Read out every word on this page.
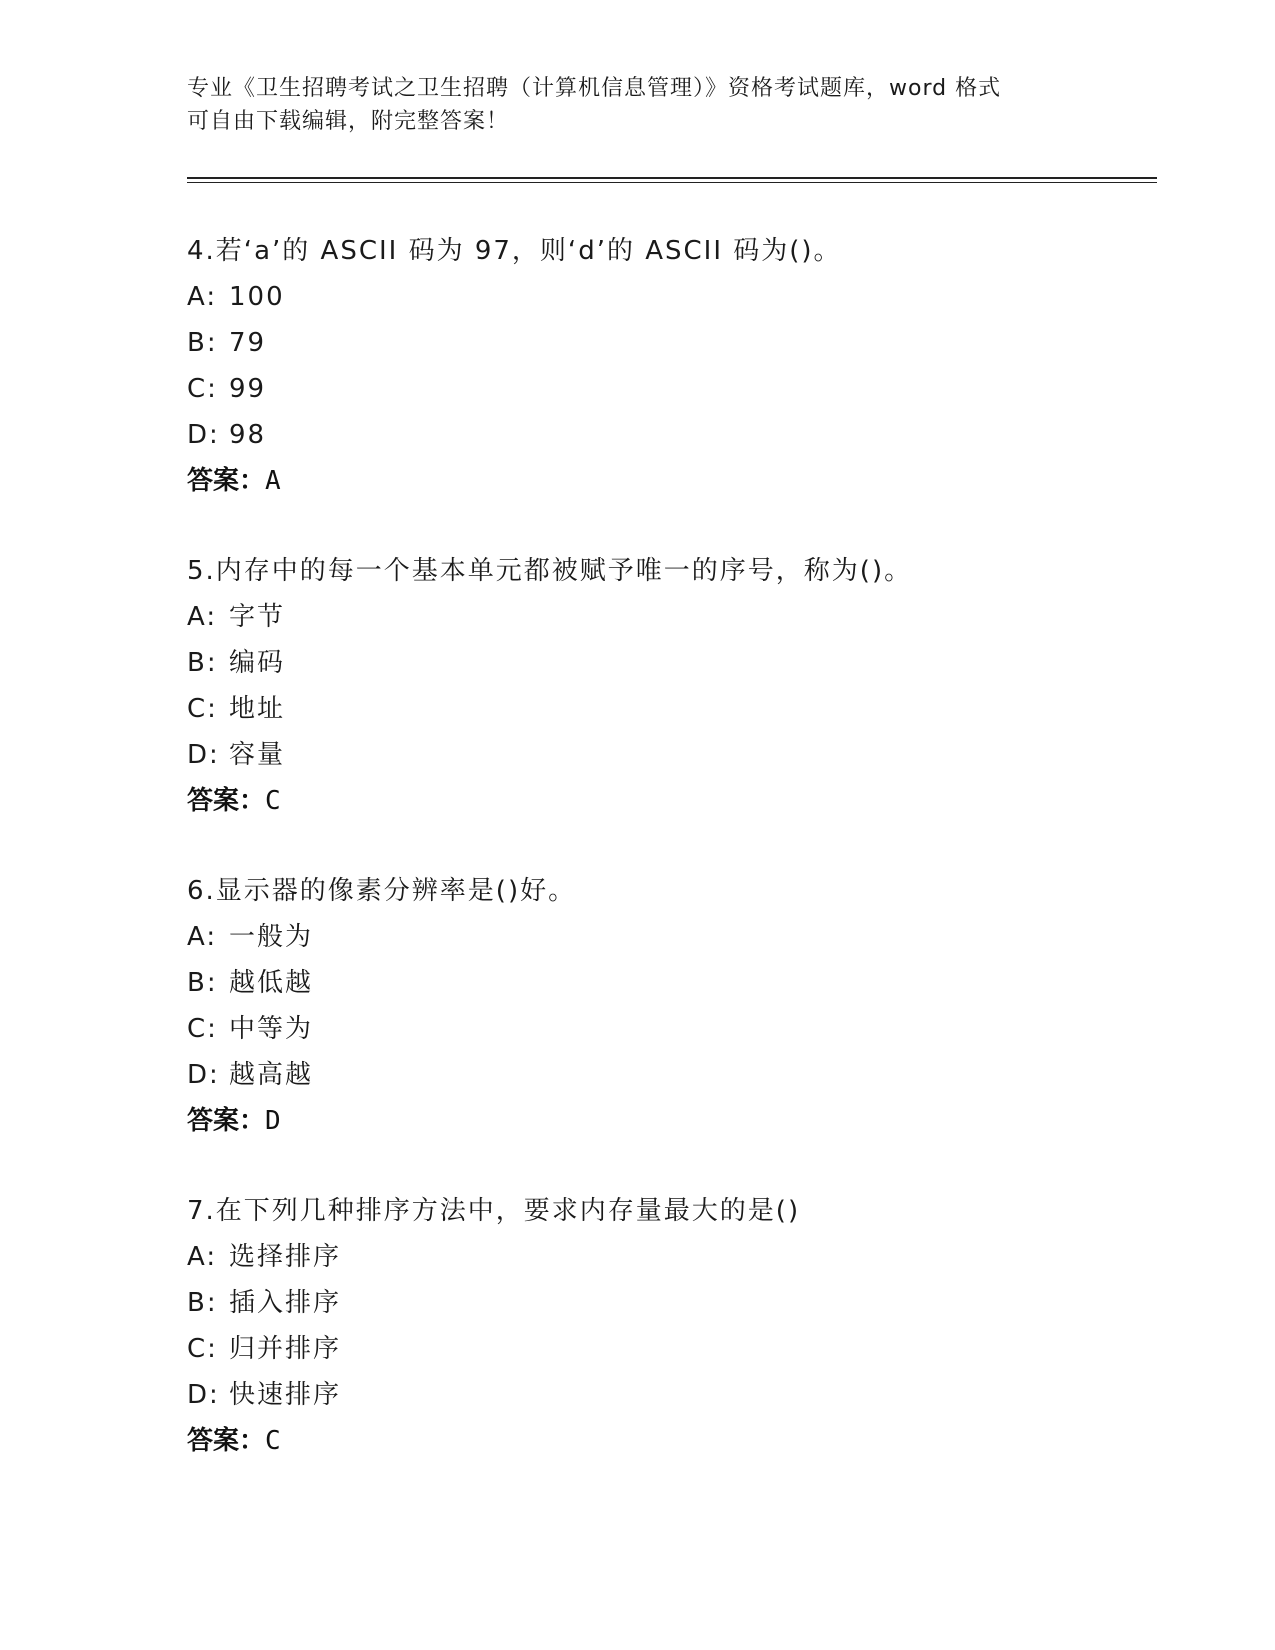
专业《卫生招聘考试之卫生招聘（计算机信息管理）》资格考试题库，word 格式
可自由下载编辑，附完整答案！
4.若‘a’的 ASCII 码为 97，则‘d’的 ASCII 码为()。
A: 100
B: 79
C: 99
D: 98
答案：A
5.内存中的每一个基本单元都被赋予唯一的序号，称为()。
A: 字节
B: 编码
C: 地址
D: 容量
答案：C
6.显示器的像素分辨率是()好。
A: 一般为
B: 越低越
C: 中等为
D: 越高越
答案：D
7.在下列几种排序方法中，要求内存量最大的是()
A: 选择排序
B: 插入排序
C: 归并排序
D: 快速排序
答案：C
